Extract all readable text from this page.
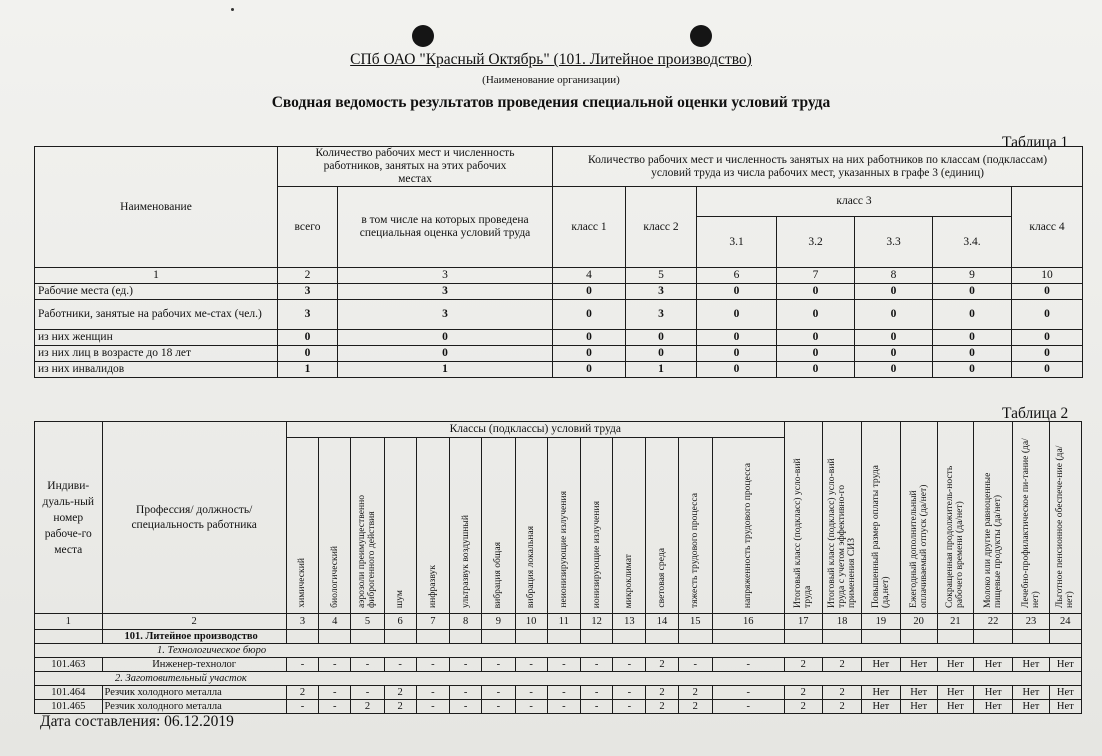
СПб ОАО "Красный Октябрь" (101. Литейное производство)
(Наименование организации)
Сводная ведомость результатов проведения специальной оценки условий труда
Таблица 1
Наименование	Количество рабочих мест и численность работников, занятых на этих рабочих местах		Количество рабочих мест и численность занятых на них работников по классам (подклассам) условий труда из числа рабочих мест, указанных в графе 3 (единиц)						
	всего	в том числе на которых проведена специальная оценка условий труда	класс 1	класс 2	класс 3				класс 4
					3.1	3.2	3.3	3.4.	
1	2	3	4	5	6	7	8	9	10
Рабочие места (ед.)	3	3	0	3	0	0	0	0	0
Работники, занятые на рабочих ме-стах (чел.)	3	3	0	3	0	0	0	0	0
из них женщин	0	0	0	0	0	0	0	0	0
из них лиц в возрасте до 18 лет	0	0	0	0	0	0	0	0	0
из них инвалидов	1	1	0	1	0	0	0	0	0
Таблица 2
Индиви-дуаль-ный номер рабоче-го места	Профессия/ должность/ специальность работника	Классы (подклассы) условий труда														Итоговый класс (подкласс) усло-вий труда	Итоговый класс (подкласс) усло-вий труда с учетом эффективно-го применения СИЗ	Повышенный размер оплаты труда (да,нет)	Ежегодный дополнительный оплачиваемый отпуск (да/нет)	Сокращенная продолжитель-ность рабочего времени (да/нет)	Молоко или другие равноценные пищевые продукты (да/нет)	Лечебно-профилактическое пи-тание (да/нет)	Льготное пенсионное обеспече-ние (да/нет)
		химический	биологический	аэрозоли преимущественно фиброгенного действия	шум	инфразвук	ультразвук воздушный	вибрация общая	вибрация локальная	неионизирующие излучения	ионизирующие излучения	микроклимат	световая среда	тяжесть трудового процесса	напряженность трудового процесса								
1	2	3	4	5	6	7	8	9	10	11	12	13	14	15	16	17	18	19	20	21	22	23	24
	101. Литейное производство																						
1. Технологическое бюро																							
101.463	Инженер-технолог	-	-	-	-	-	-	-	-	-	-	-	2	-	-	2	2	Нет	Нет	Нет	Нет	Нет	Нет
2. Заготовительный участок																							
101.464	Резчик холодного металла	2	-	-	2	-	-	-	-	-	-	-	2	2	-	2	2	Нет	Нет	Нет	Нет	Нет	Нет
101.465	Резчик холодного металла	-	-	2	2	-	-	-	-	-	-	-	2	2	-	2	2	Нет	Нет	Нет	Нет	Нет	Нет
Дата составления: 06.12.2019
